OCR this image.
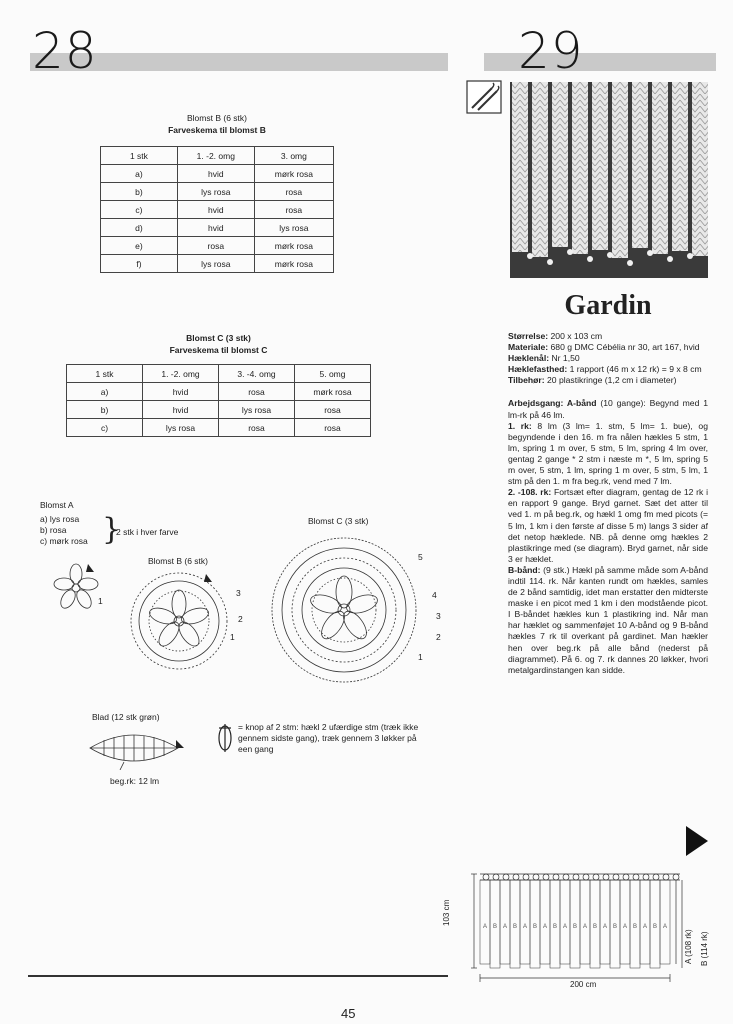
28	29
Blomst B (6 stk)
Farveskema til blomst B
1 stk	1. -2. omg	3. omg
a)	hvid	mørk rosa
b)	lys rosa	rosa
c)	hvid	rosa
d)	hvid	lys rosa
e)	rosa	mørk rosa
f)	lys rosa	mørk rosa
Blomst C (3 stk)
Farveskema til blomst C
1 stk	1. -2. omg	3. -4. omg	5. omg
a)	hvid	rosa	mørk rosa
b)	hvid	lys rosa	rosa
c)	lys rosa	rosa	rosa
Blomst A
a) lys rosa
b) rosa
c) mørk rosa }
2 stk i hver farve
1
Blomst B (6 stk)
3
2
1
Blomst C (3 stk)
5
4
3
2
1
Blad (12 stk grøn)
beg.rk: 12 lm
= knop af 2 stm: hækl 2 ufærdige stm (træk ikke gennem sidste gang), træk gennem 3 løkker på een gang
Gardin

Størrelse: 200 x 103 cm
Materiale: 680 g DMC Cébélia nr 30, art 167, hvid
Hæklenål: Nr 1,50
Hæklefasthed: 1 rapport (46 m x 12 rk) = 9 x 8 cm
Tilbehør: 20 plastikringe (1,2 cm i diameter)

Arbejdsgang: A-bånd (10 gange): Begynd med 1 lm-rk på 46 lm.
1. rk: 8 lm (3 lm= 1. stm, 5 lm= 1. bue), og begyndende i den 16. m fra nålen hækles 5 stm, 1 lm, spring 1 m over, 5 stm, 5 lm, spring 4 lm over, gentag 2 gange * 2 stm i næste m *, 5 lm, spring 5 m over, 5 stm, 1 lm, spring 1 m over, 5 stm, 5 lm, 1 stm på den 1. m fra beg.rk, vend med 7 lm.
2. -108. rk: Fortsæt efter diagram, gentag de 12 rk i en rapport 9 gange. Bryd garnet. Sæt det atter til ved 1. m på beg.rk, og hækl 1 omg fm med picots (= 5 lm, 1 km i den første af disse 5 m) langs 3 sider af det netop hæklede. NB. på denne omg hækles 2 plastikringe med (se diagram). Bryd garnet, når side 3 er hæklet.
B-bånd: (9 stk.) Hækl på samme måde som A-bånd indtil 114. rk. Når kanten rundt om hækles, samles de 2 bånd samtidig, idet man erstatter den midterste maske i en picot med 1 km i den modstående picot. I B-båndet hækles kun 1 plastikring ind. Når man har hæklet og sammenføjet 10 A-bånd og 9 B-bånd hækles 7 rk til overkant på gardinet. Man hækler hen over beg.rk på alle bånd (nederst på diagrammet). På 6. og 7. rk dannes 20 løkker, hvori metalgardinstangen kan sidde.

A B A B A B A B A B A B A B A B A B A
103 cm
200 cm
A (108 rk) B (114 rk)
45
